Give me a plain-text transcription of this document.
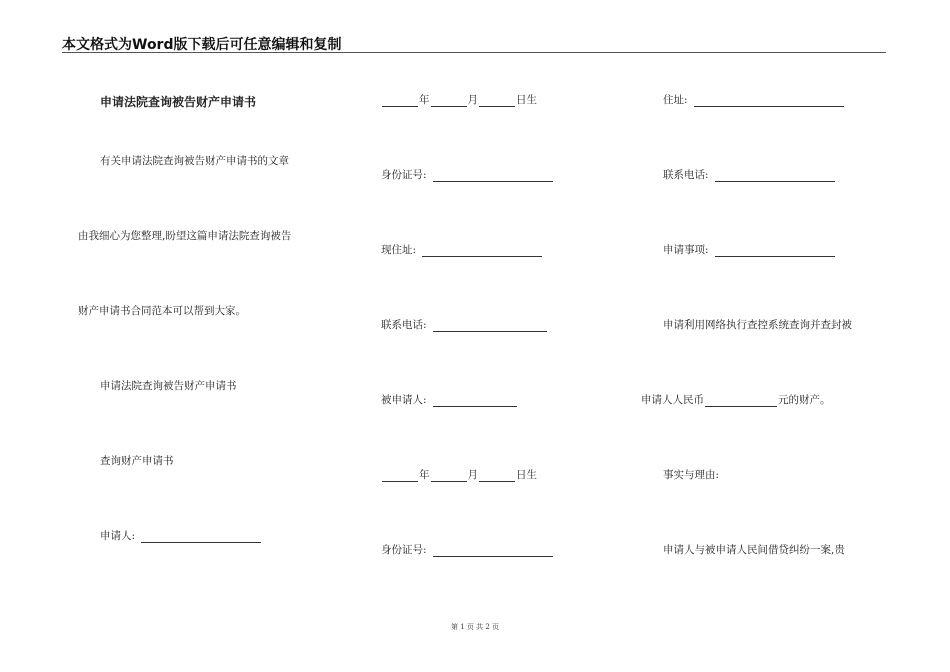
本文格式为Word版下载后可任意编辑和复制
申请法院查询被告财产申请书
有关申请法院查询被告财产申请书的文章
由我细心为您整理,盼望这篇申请法院查询被告
财产申请书合同范本可以帮到大家。
申请法院查询被告财产申请书
查询财产申请书
申请人:
年	月	日生
身份证号:
现住址:
联系电话:
被申请人:
年	月	日生
身份证号:
住址:
联系电话:
申请事项:
申请利用网络执行查控系统查询并查封被
申请人人民币	元的财产。
事实与理由:
申请人与被申请人民间借贷纠纷一案,贵
第 1 页 共 2 页
